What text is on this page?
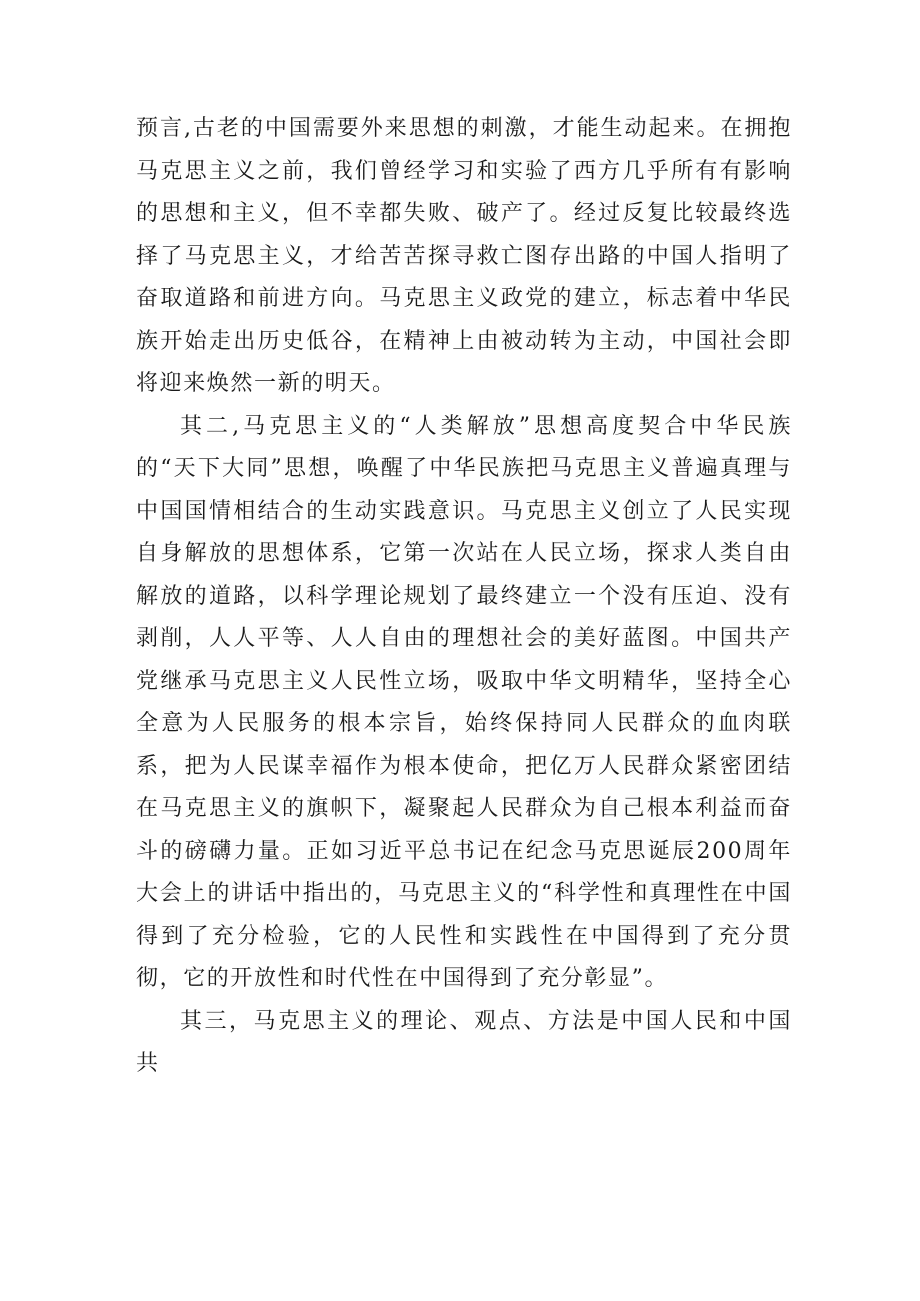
预言,古老的中国需要外来思想的刺激，才能生动起来。在拥抱马克思主义之前，我们曾经学习和实验了西方几乎所有有影响的思想和主义，但不幸都失败、破产了。经过反复比较最终选择了马克思主义，才给苦苦探寻救亡图存出路的中国人指明了奋取道路和前进方向。马克思主义政党的建立，标志着中华民族开始走出历史低谷，在精神上由被动转为主动，中国社会即将迎来焕然一新的明天。

其二,马克思主义的“人类解放”思想高度契合中华民族的“天下大同”思想，唤醒了中华民族把马克思主义普遍真理与中国国情相结合的生动实践意识。马克思主义创立了人民实现自身解放的思想体系，它第一次站在人民立场，探求人类自由解放的道路，以科学理论规划了最终建立一个没有压迫、没有剥削，人人平等、人人自由的理想社会的美好蓝图。中国共产党继承马克思主义人民性立场，吸取中华文明精华，坚持全心全意为人民服务的根本宗旨，始终保持同人民群众的血肉联系，把为人民谋幸福作为根本使命，把亿万人民群众紧密团结在马克思主义的旗帜下，凝聚起人民群众为自己根本利益而奋斗的磅礴力量。正如习近平总书记在纪念马克思诞辰200周年大会上的讲话中指出的，马克思主义的“科学性和真理性在中国得到了充分检验，它的人民性和实践性在中国得到了充分贯彻，它的开放性和时代性在中国得到了充分彰显”。

其三，马克思主义的理论、观点、方法是中国人民和中国共
